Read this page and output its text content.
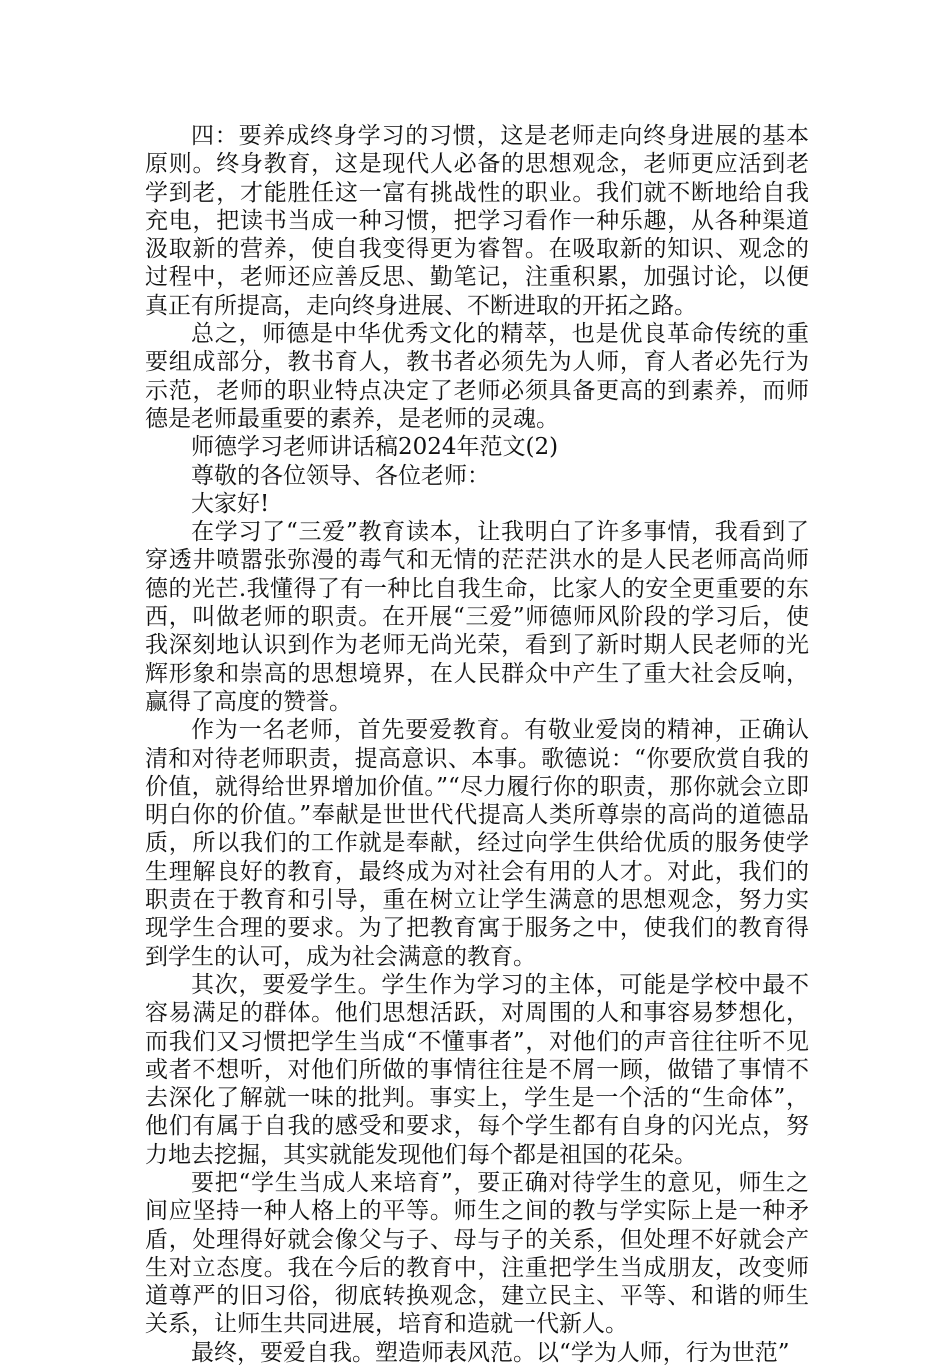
四：要养成终身学习的习惯，这是老师走向终身进展的基本原则。终身教育，这是现代人必备的思想观念，老师更应活到老学到老，才能胜任这一富有挑战性的职业。我们就不断地给自我充电，把读书当成一种习惯，把学习看作一种乐趣，从各种渠道汲取新的营养，使自我变得更为睿智。在吸取新的知识、观念的过程中，老师还应善反思、勤笔记，注重积累，加强讨论，以便真正有所提高，走向终身进展、不断进取的开拓之路。

总之，师德是中华优秀文化的精萃，也是优良革命传统的重要组成部分，教书育人，教书者必须先为人师，育人者必先行为示范，老师的职业特点决定了老师必须具备更高的到素养，而师德是老师最重要的素养，是老师的灵魂。

师德学习老师讲话稿2024年范文(2)

尊敬的各位领导、各位老师：

大家好!

在学习了“三爱”教育读本，让我明白了许多事情，我看到了穿透井喷嚣张弥漫的毒气和无情的茫茫洪水的是人民老师高尚师德的光芒.我懂得了有一种比自我生命，比家人的安全更重要的东西，叫做老师的职责。在开展“三爱”师德师风阶段的学习后，使我深刻地认识到作为老师无尚光荣，看到了新时期人民老师的光辉形象和崇高的思想境界，在人民群众中产生了重大社会反响，赢得了高度的赞誉。

作为一名老师，首先要爱教育。有敬业爱岗的精神，正确认清和对待老师职责，提高意识、本事。歌德说：“你要欣赏自我的价值，就得给世界增加价值。”“尽力履行你的职责，那你就会立即明白你的价值。”奉献是世世代代提高人类所尊崇的高尚的道德品质，所以我们的工作就是奉献，经过向学生供给优质的服务使学生理解良好的教育，最终成为对社会有用的人才。对此，我们的职责在于教育和引导，重在树立让学生满意的思想观念，努力实现学生合理的要求。为了把教育寓于服务之中，使我们的教育得到学生的认可，成为社会满意的教育。

其次，要爱学生。学生作为学习的主体，可能是学校中最不容易满足的群体。他们思想活跃，对周围的人和事容易梦想化，而我们又习惯把学生当成“不懂事者”，对他们的声音往往听不见或者不想听，对他们所做的事情往往是不屑一顾，做错了事情不去深化了解就一味的批判。事实上，学生是一个活的“生命体”，他们有属于自我的感受和要求，每个学生都有自身的闪光点，努力地去挖掘，其实就能发现他们每个都是祖国的花朵。

要把“学生当成人来培育”，要正确对待学生的意见，师生之间应坚持一种人格上的平等。师生之间的教与学实际上是一种矛盾，处理得好就会像父与子、母与子的关系，但处理不好就会产生对立态度。我在今后的教育中，注重把学生当成朋友，改变师道尊严的旧习俗，彻底转换观念，建立民主、平等、和谐的师生关系，让师生共同进展，培育和造就一代新人。

最终，要爱自我。塑造师表风范。以“学为人师，行为世范”
